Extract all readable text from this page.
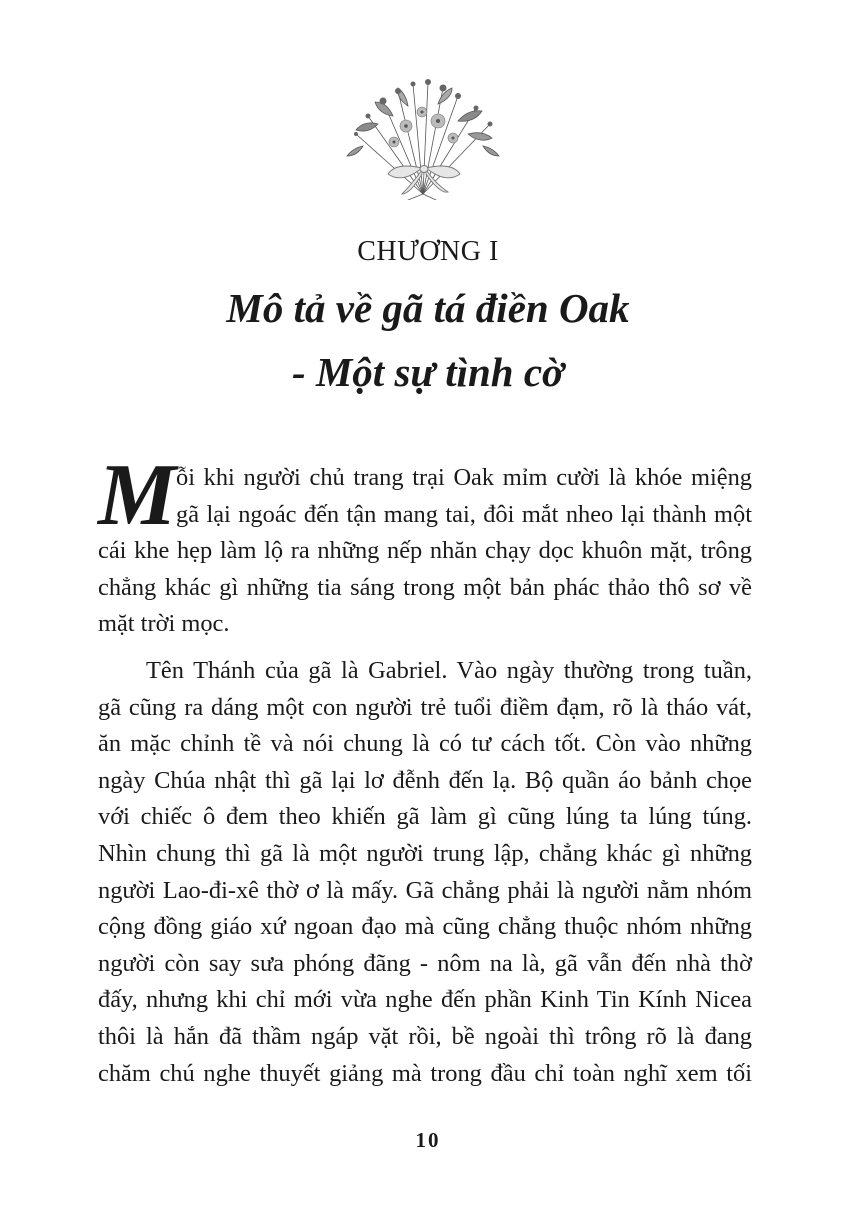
CHƯƠNG I
Mô tả về gã tá điền Oak
- Một sự tình cờ
M ỗi khi người chủ trang trại Oak mỉm cười là khóe miệng
gã lại ngoác đến tận mang tai, đôi mắt nheo lại thành một
cái khe hẹp làm lộ ra những nếp nhăn chạy dọc khuôn mặt, trông
chẳng khác gì những tia sáng trong một bản phác thảo thô sơ về
mặt trời mọc.
Tên Thánh của gã là Gabriel. Vào ngày thường trong tuần,
gã cũng ra dáng một con người trẻ tuổi điềm đạm, rõ là tháo vát,
ăn mặc chỉnh tề và nói chung là có tư cách tốt. Còn vào những
ngày Chúa nhật thì gã lại lơ đễnh đến lạ. Bộ quần áo bảnh chọe
với chiếc ô đem theo khiến gã làm gì cũng lúng ta lúng túng.
Nhìn chung thì gã là một người trung lập, chẳng khác gì những
người Lao-đi-xê thờ ơ là mấy. Gã chẳng phải là người nằm nhóm
cộng đồng giáo xứ ngoan đạo mà cũng chẳng thuộc nhóm những
người còn say sưa phóng đãng - nôm na là, gã vẫn đến nhà thờ
đấy, nhưng khi chỉ mới vừa nghe đến phần Kinh Tin Kính Nicea
thôi là hắn đã thầm ngáp vặt rồi, bề ngoài thì trông rõ là đang
chăm chú nghe thuyết giảng mà trong đầu chỉ toàn nghĩ xem tối
10
